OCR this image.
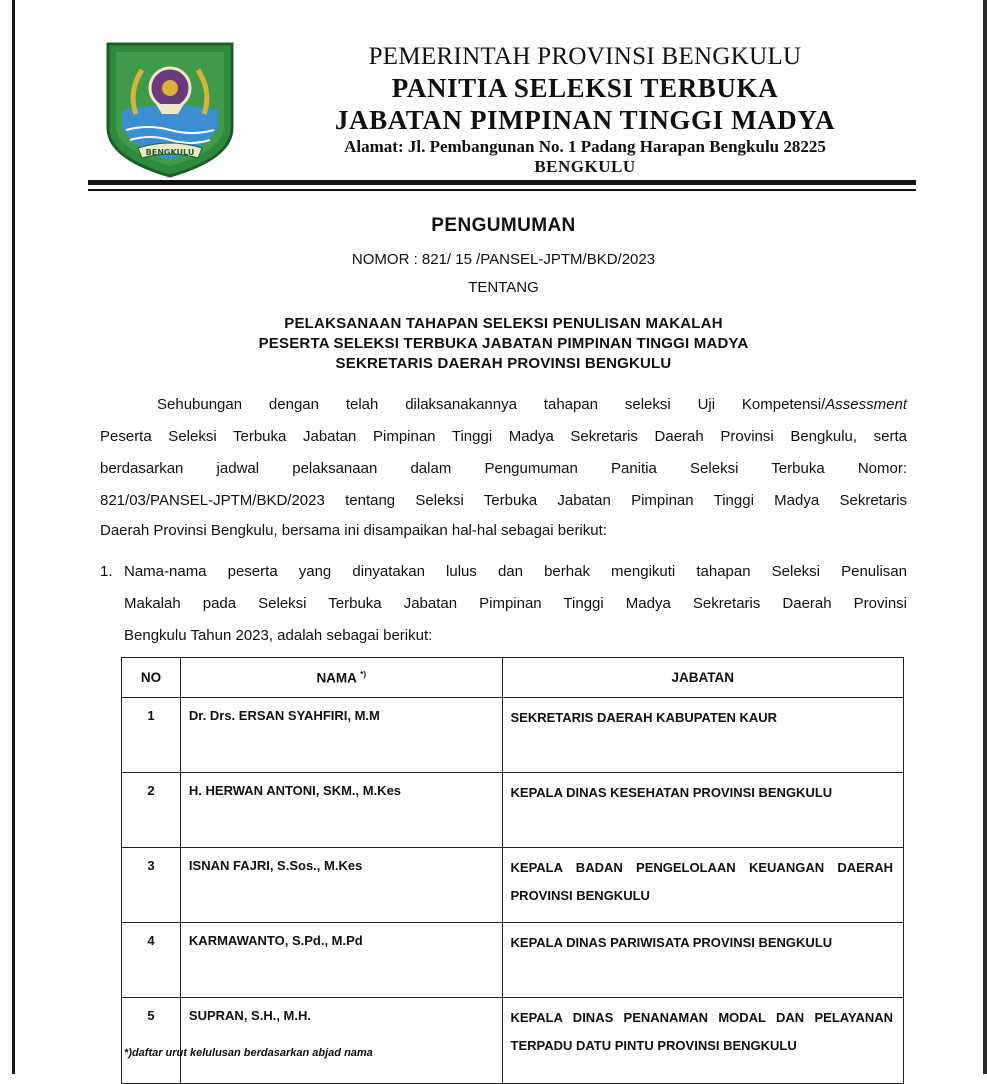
BENGKULU
PEMERINTAH PROVINSI BENGKULU
PANITIA SELEKSI TERBUKA
JABATAN PIMPINAN TINGGI MADYA
Alamat: Jl. Pembangunan No. 1 Padang Harapan Bengkulu 28225
BENGKULU
PENGUMUMAN
NOMOR : 821/ 15 /PANSEL-JPTM/BKD/2023
TENTANG
PELAKSANAAN TAHAPAN SELEKSI PENULISAN MAKALAH
PESERTA SELEKSI TERBUKA JABATAN PIMPINAN TINGGI MADYA
SEKRETARIS DAERAH PROVINSI BENGKULU
Sehubungan dengan telah dilaksanakannya tahapan seleksi Uji Kompetensi/Assessment
Peserta Seleksi Terbuka Jabatan Pimpinan Tinggi Madya Sekretaris Daerah Provinsi Bengkulu, serta
berdasarkan jadwal pelaksanaan dalam Pengumuman Panitia Seleksi Terbuka Nomor:
821/03/PANSEL-JPTM/BKD/2023 tentang Seleksi Terbuka Jabatan Pimpinan Tinggi Madya Sekretaris
Daerah Provinsi Bengkulu, bersama ini disampaikan hal-hal sebagai berikut:
1. Nama-nama peserta yang dinyatakan lulus dan berhak mengikuti tahapan Seleksi Penulisan
Makalah pada Seleksi Terbuka Jabatan Pimpinan Tinggi Madya Sekretaris Daerah Provinsi
Bengkulu Tahun 2023, adalah sebagai berikut:
NO	NAMA *)	JABATAN
1	Dr. Drs. ERSAN SYAHFIRI, M.M	SEKRETARIS DAERAH KABUPATEN KAUR
2	H. HERWAN ANTONI, SKM., M.Kes	KEPALA DINAS KESEHATAN PROVINSI BENGKULU
3	ISNAN FAJRI, S.Sos., M.Kes	KEPALA BADAN PENGELOLAAN KEUANGAN DAERAH PROVINSI BENGKULU
4	KARMAWANTO, S.Pd., M.Pd	KEPALA DINAS PARIWISATA PROVINSI BENGKULU
5	SUPRAN, S.H., M.H.	KEPALA DINAS PENANAMAN MODAL DAN PELAYANAN TERPADU DATU PINTU PROVINSI BENGKULU
*)daftar urut kelulusan berdasarkan abjad nama
